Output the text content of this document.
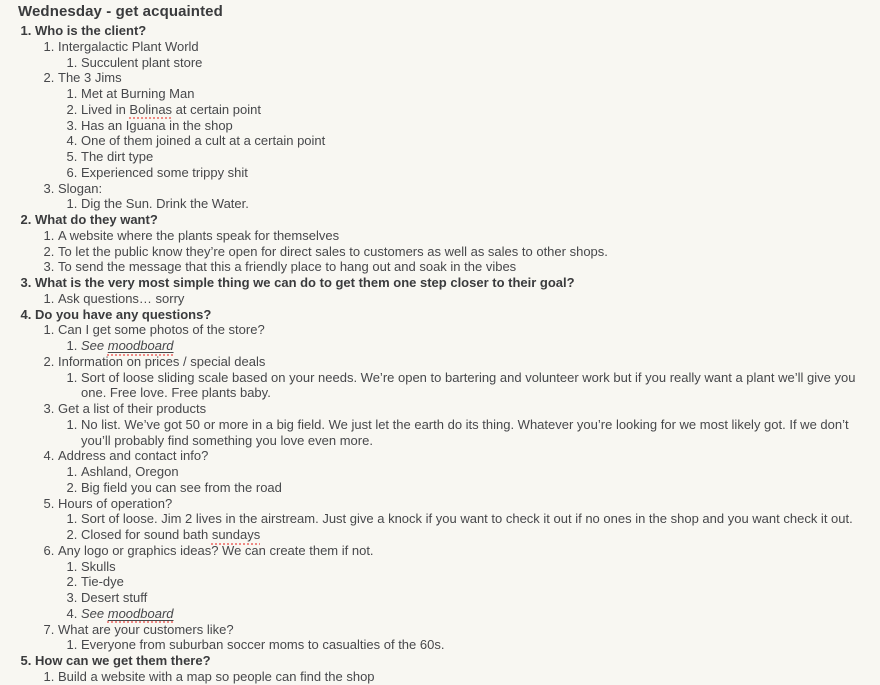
Wednesday - get acquainted
1. Who is the client?
1. Intergalactic Plant World
1. Succulent plant store
2. The 3 Jims
1. Met at Burning Man
2. Lived in Bolinas at certain point
3. Has an Iguana in the shop
4. One of them joined a cult at a certain point
5. The dirt type
6. Experienced some trippy shit
3. Slogan:
1. Dig the Sun. Drink the Water.
2. What do they want?
1. A website where the plants speak for themselves
2. To let the public know they’re open for direct sales to customers as well as sales to other shops.
3. To send the message that this a friendly place to hang out and soak in the vibes
3. What is the very most simple thing we can do to get them one step closer to their goal?
1. Ask questions… sorry
4. Do you have any questions?
1. Can I get some photos of the store?
1. See moodboard
2. Information on prices / special deals
1. Sort of loose sliding scale based on your needs. We’re open to bartering and volunteer work but if you really want a plant we’ll give you one. Free love. Free plants baby.
3. Get a list of their products
1. No list. We’ve got 50 or more in a big field. We just let the earth do its thing. Whatever you’re looking for we most likely got. If we don’t you’ll probably find something you love even more.
4. Address and contact info?
1. Ashland, Oregon
2. Big field you can see from the road
5. Hours of operation?
1. Sort of loose. Jim 2 lives in the airstream. Just give a knock if you want to check it out if no ones in the shop and you want check it out.
2. Closed for sound bath sundays
6. Any logo or graphics ideas? We can create them if not.
1. Skulls
2. Tie-dye
3. Desert stuff
4. See moodboard
7. What are your customers like?
1. Everyone from suburban soccer moms to casualties of the 60s.
5. How can we get them there?
1. Build a website with a map so people can find the shop
